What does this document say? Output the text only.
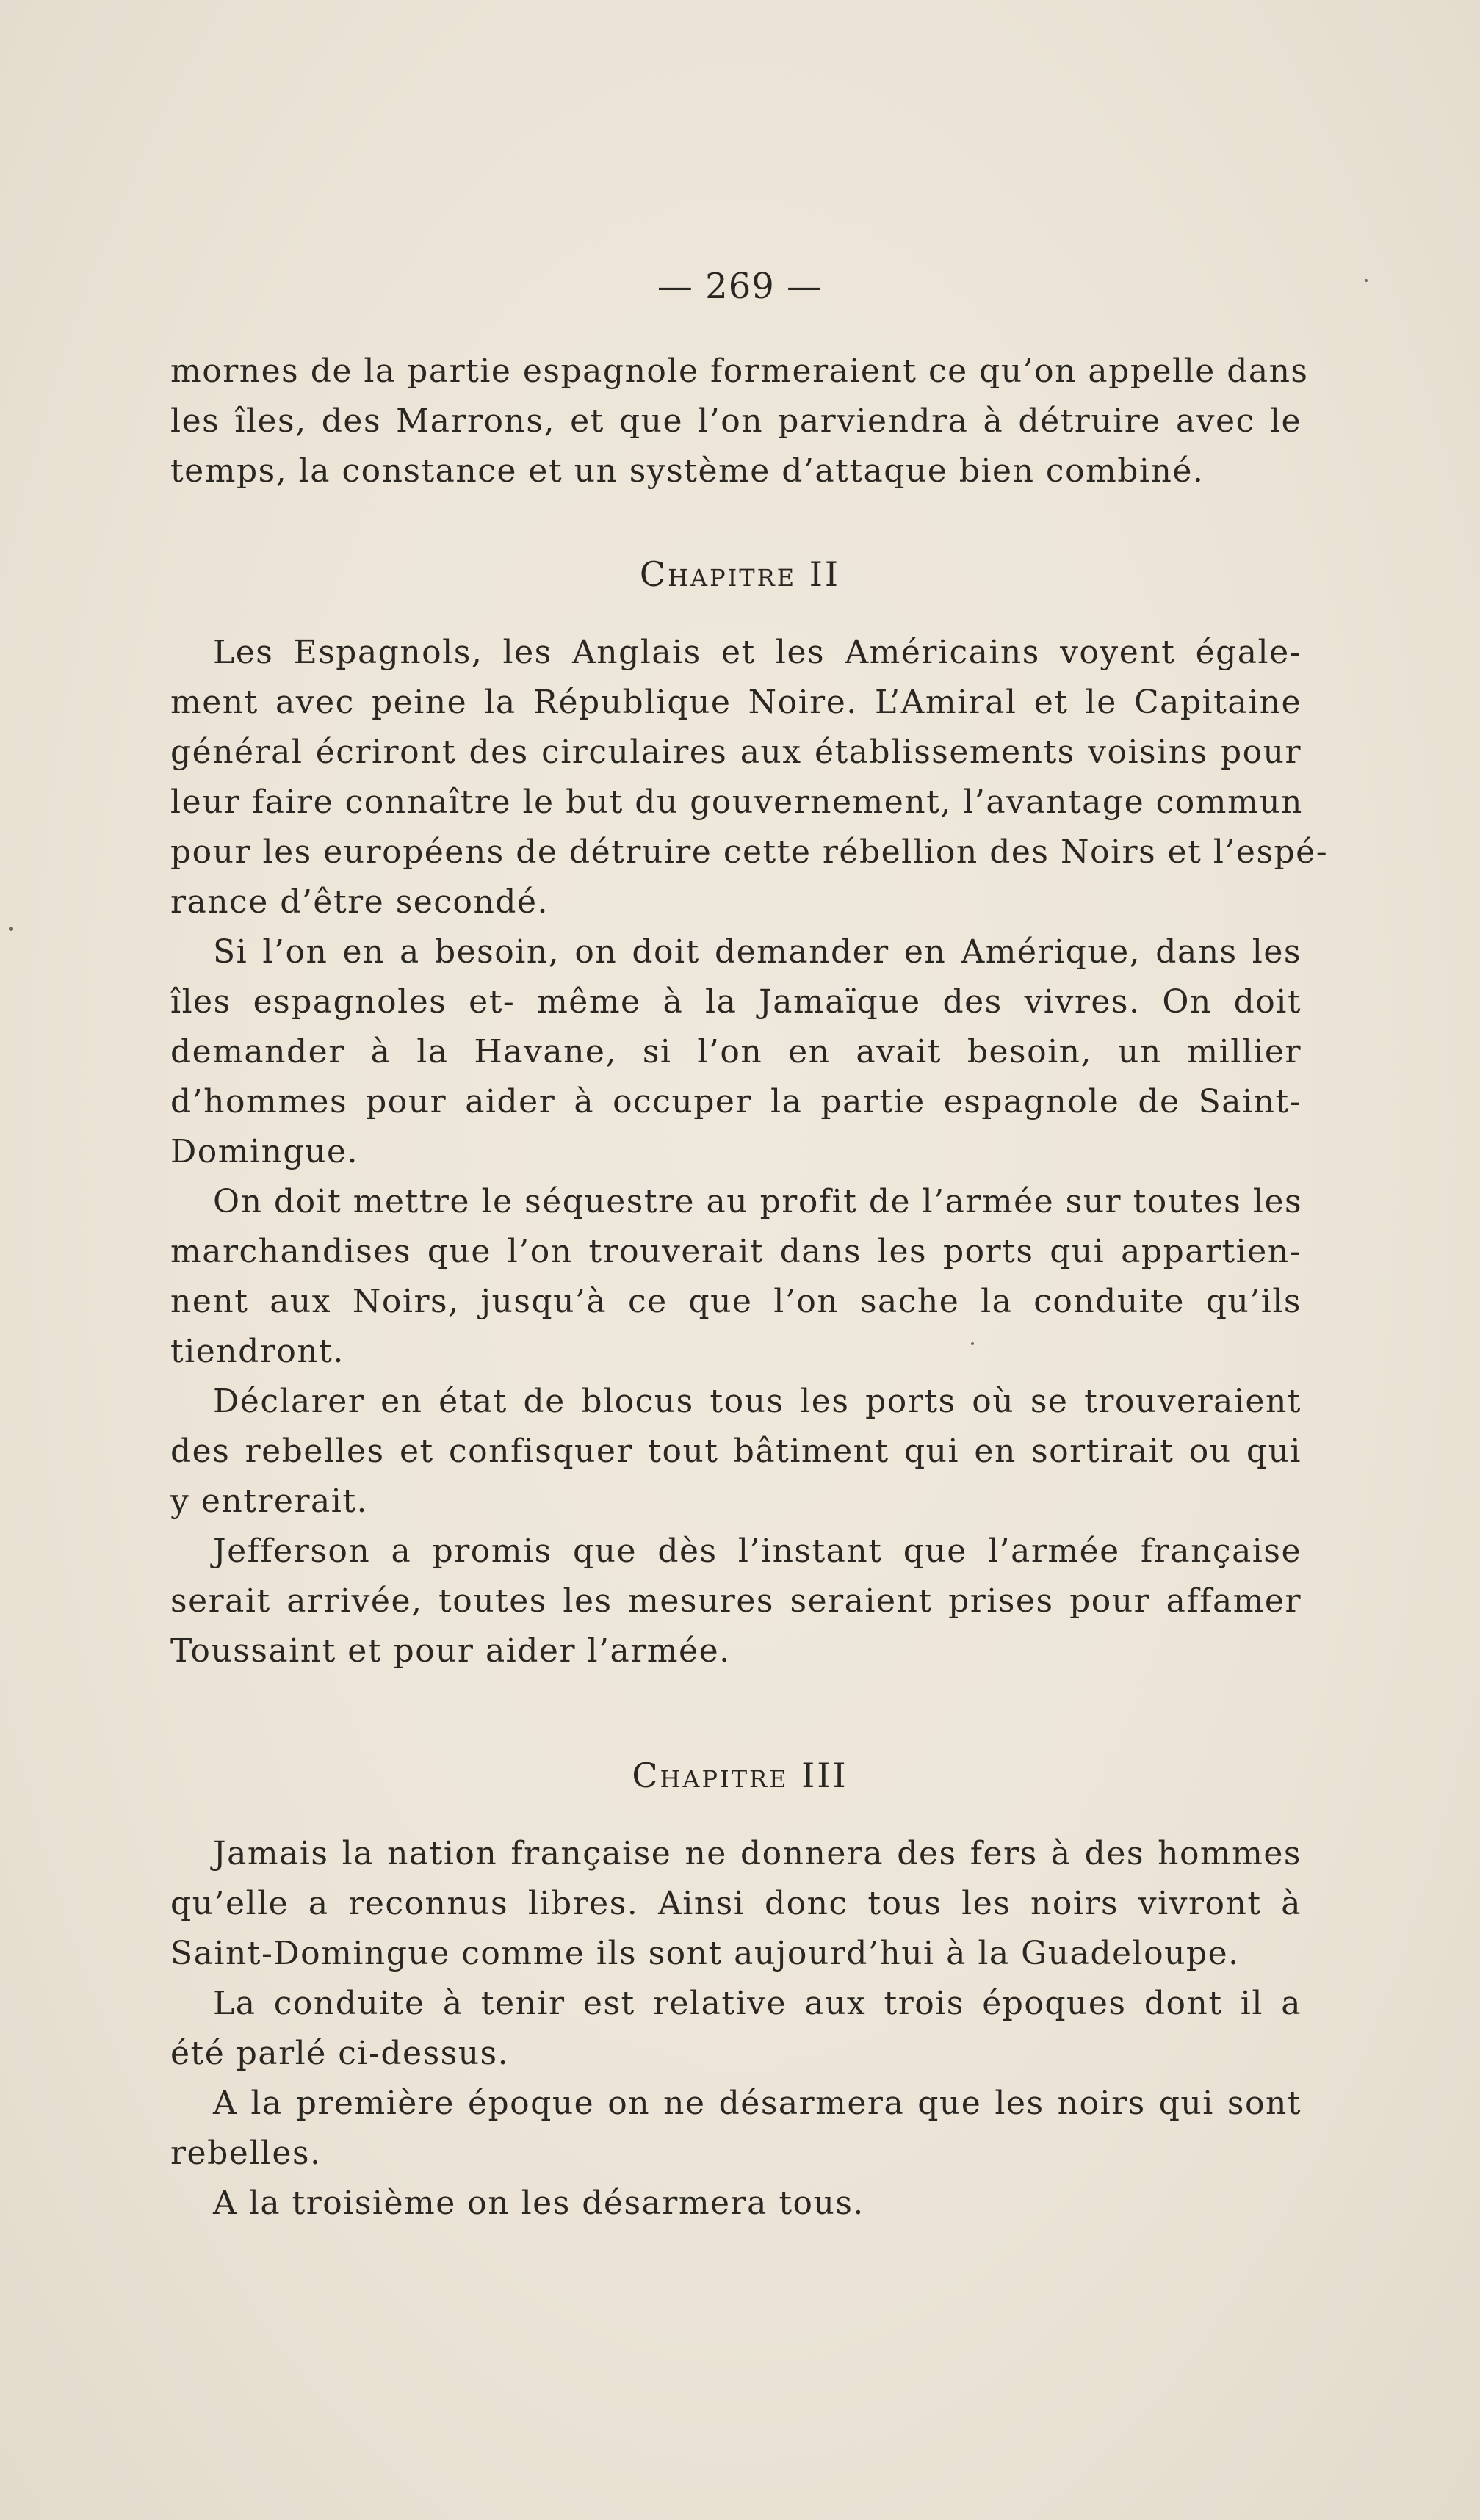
— 269 —
mornes de la partie espagnole formeraient ce qu’on appelle dans
les îles, des Marrons, et que l’on parviendra à détruire avec le
temps, la constance et un système d’attaque bien combiné.
Chapitre II
Les Espagnols, les Anglais et les Américains voyent égale-
ment avec peine la République Noire. L’Amiral et le Capitaine
général écriront des circulaires aux établissements voisins pour
leur faire connaître le but du gouvernement, l’avantage commun
pour les européens de détruire cette rébellion des Noirs et l’espé-
rance d’être secondé.
Si l’on en a besoin, on doit demander en Amérique, dans les
îles espagnoles et- même à la Jamaïque des vivres. On doit
demander à la Havane, si l’on en avait besoin, un millier
d’hommes pour aider à occuper la partie espagnole de Saint-
Domingue.
On doit mettre le séquestre au profit de l’armée sur toutes les
marchandises que l’on trouverait dans les ports qui appartien-
nent aux Noirs, jusqu’à ce que l’on sache la conduite qu’ils
tiendront.
Déclarer en état de blocus tous les ports où se trouveraient
des rebelles et confisquer tout bâtiment qui en sortirait ou qui
y entrerait.
Jefferson a promis que dès l’instant que l’armée française
serait arrivée, toutes les mesures seraient prises pour affamer
Toussaint et pour aider l’armée.
Chapitre III
Jamais la nation française ne donnera des fers à des hommes
qu’elle a reconnus libres. Ainsi donc tous les noirs vivront à
Saint-Domingue comme ils sont aujourd’hui à la Guadeloupe.
La conduite à tenir est relative aux trois époques dont il a
été parlé ci-dessus.
A la première époque on ne désarmera que les noirs qui sont
rebelles.
A la troisième on les désarmera tous.
